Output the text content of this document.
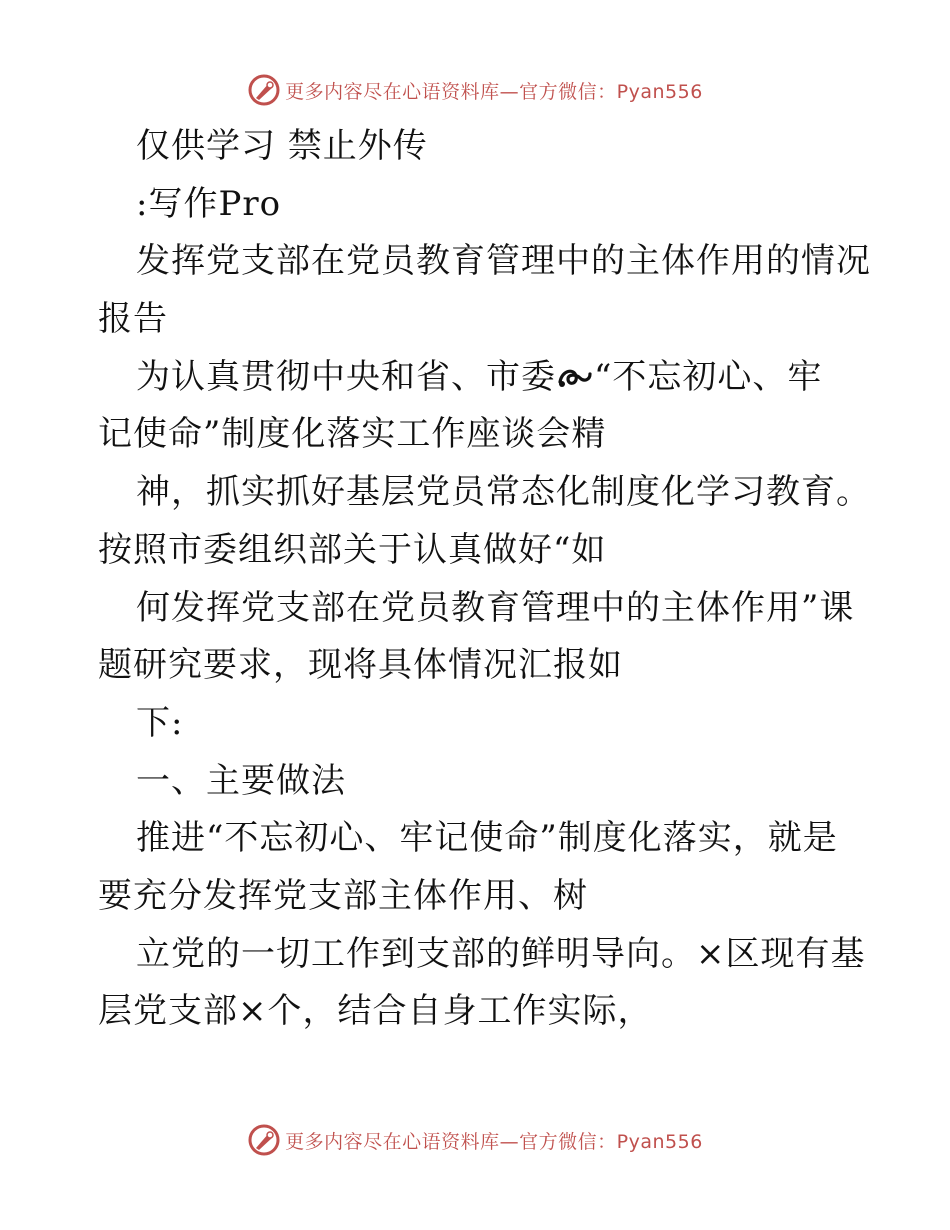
更多内容尽在心语资料库—官方微信：Pyan556
仅供学习 禁止外传
:写作Pro
发挥党支部在党员教育管理中的主体作用的情况
报告
为认真贯彻中央和省、市委 “不忘初心、牢
记使命”制度化落实工作座谈会精
神，抓实抓好基层党员常态化制度化学习教育。
按照市委组织部关于认真做好“如
何发挥党支部在党员教育管理中的主体作用”课
题研究要求，现将具体情况汇报如
下:
一、主要做法
推进“不忘初心、牢记使命”制度化落实，就是
要充分发挥党支部主体作用、树
立党的一切工作到支部的鲜明导向。×区现有基
层党支部×个，结合自身工作实际，
更多内容尽在心语资料库—官方微信：Pyan556
